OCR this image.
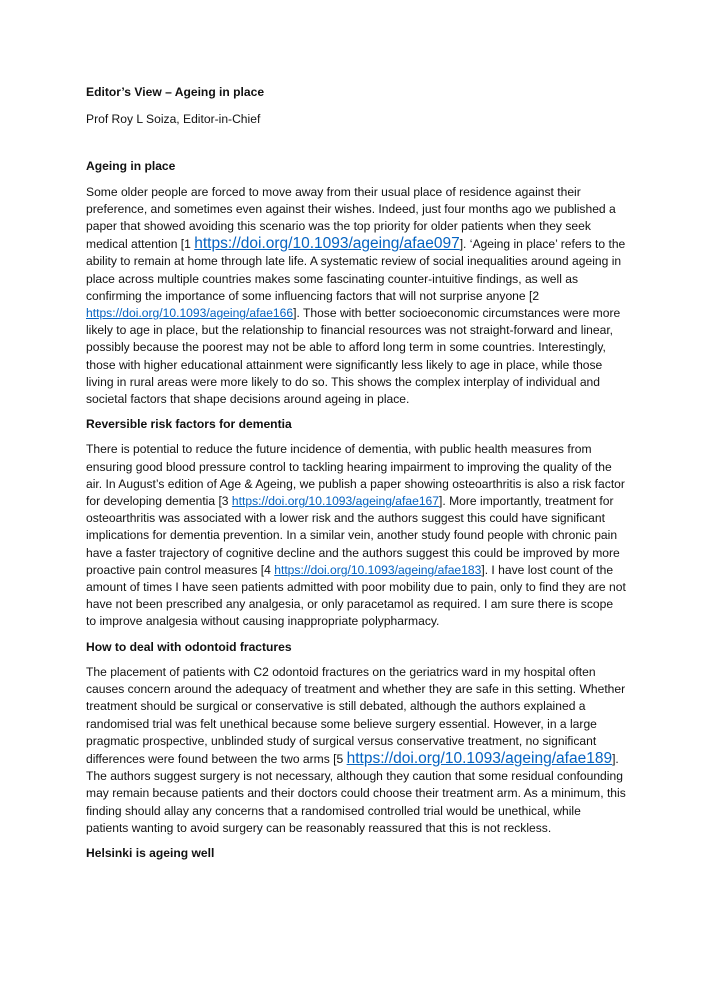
Editor’s View – Ageing in place

Prof Roy L Soiza, Editor-in-Chief

Ageing in place

Some older people are forced to move away from their usual place of residence against their preference, and sometimes even against their wishes. Indeed, just four months ago we published a paper that showed avoiding this scenario was the top priority for older patients when they seek medical attention [1 https://doi.org/10.1093/ageing/afae097]. ‘Ageing in place’ refers to the ability to remain at home through late life. A systematic review of social inequalities around ageing in place across multiple countries makes some fascinating counter-intuitive findings, as well as confirming the importance of some influencing factors that will not surprise anyone [2 https://doi.org/10.1093/ageing/afae166]. Those with better socioeconomic circumstances were more likely to age in place, but the relationship to financial resources was not straight-forward and linear, possibly because the poorest may not be able to afford long term in some countries. Interestingly, those with higher educational attainment were significantly less likely to age in place, while those living in rural areas were more likely to do so. This shows the complex interplay of individual and societal factors that shape decisions around ageing in place.

Reversible risk factors for dementia

There is potential to reduce the future incidence of dementia, with public health measures from ensuring good blood pressure control to tackling hearing impairment to improving the quality of the air. In August’s edition of Age & Ageing, we publish a paper showing osteoarthritis is also a risk factor for developing dementia [3 https://doi.org/10.1093/ageing/afae167]. More importantly, treatment for osteoarthritis was associated with a lower risk and the authors suggest this could have significant implications for dementia prevention. In a similar vein, another study found people with chronic pain have a faster trajectory of cognitive decline and the authors suggest this could be improved by more proactive pain control measures [4 https://doi.org/10.1093/ageing/afae183]. I have lost count of the amount of times I have seen patients admitted with poor mobility due to pain, only to find they are not have not been prescribed any analgesia, or only paracetamol as required. I am sure there is scope to improve analgesia without causing inappropriate polypharmacy.

How to deal with odontoid fractures

The placement of patients with C2 odontoid fractures on the geriatrics ward in my hospital often causes concern around the adequacy of treatment and whether they are safe in this setting. Whether treatment should be surgical or conservative is still debated, although the authors explained a randomised trial was felt unethical because some believe surgery essential. However, in a large pragmatic prospective, unblinded study of surgical versus conservative treatment, no significant differences were found between the two arms [5 https://doi.org/10.1093/ageing/afae189]. The authors suggest surgery is not necessary, although they caution that some residual confounding may remain because patients and their doctors could choose their treatment arm. As a minimum, this finding should allay any concerns that a randomised controlled trial would be unethical, while patients wanting to avoid surgery can be reasonably reassured that this is not reckless.

Helsinki is ageing well
